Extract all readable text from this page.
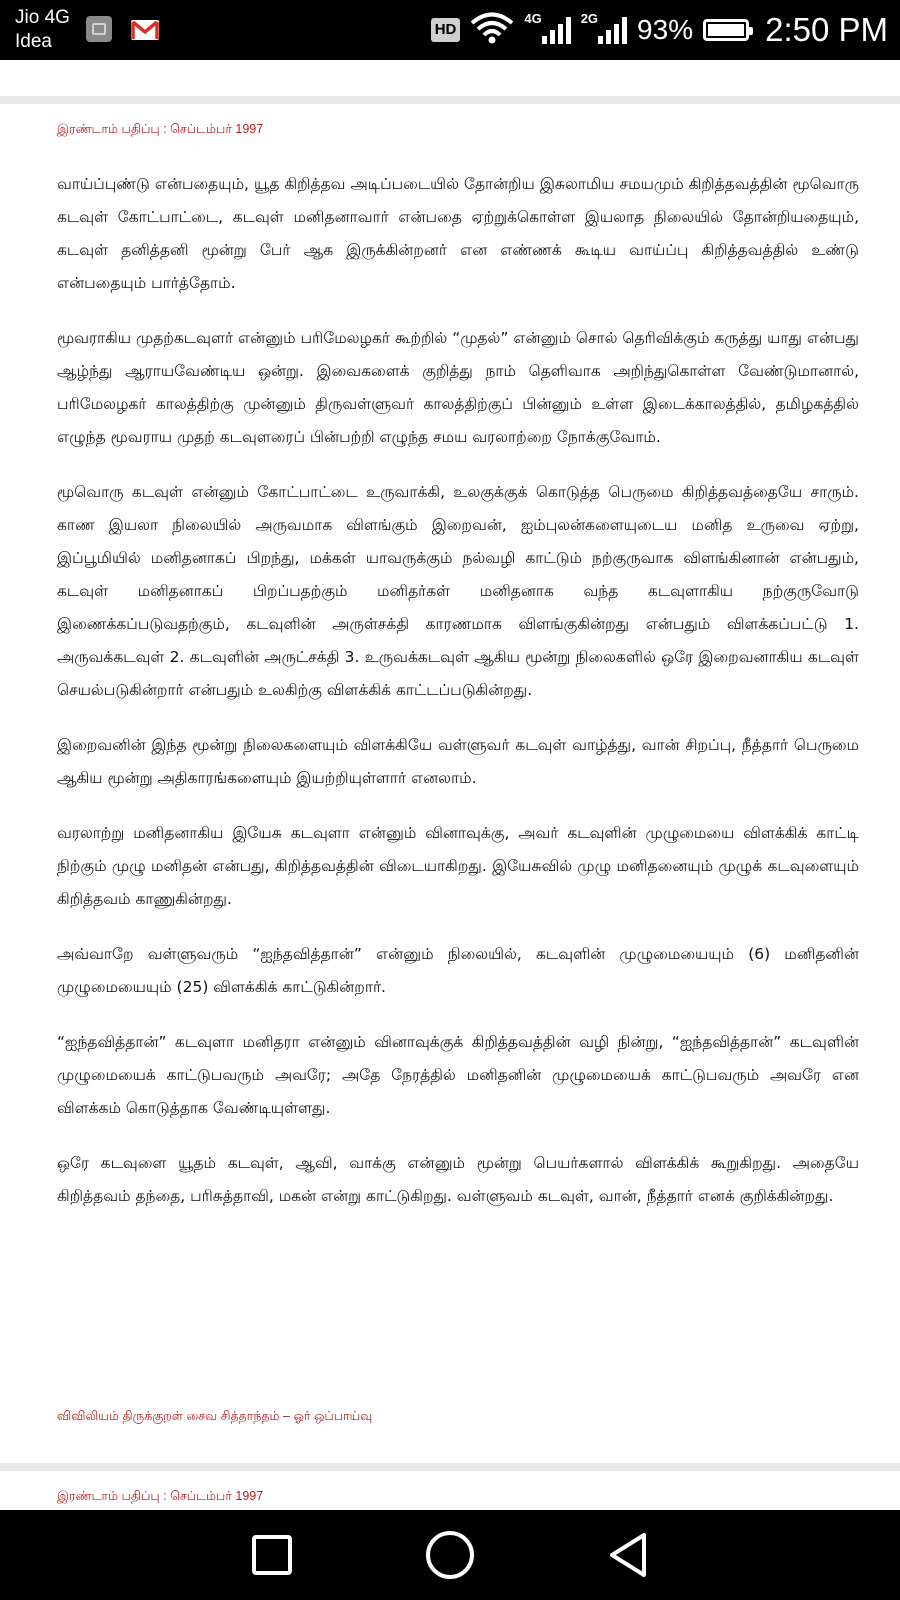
Jio 4G
Idea
HD
4G	2G 93% 2:50 PM
இரண்டாம் பதிப்பு : செப்டம்பர் 1997

வாய்ப்புண்டு என்பதையும், யூத கிறித்தவ அடிப்படையில் தோன்றிய இசுலாமிய சமயமும் கிறித்தவத்தின் மூவொரு கடவுள் கோட்பாட்டை, கடவுள் மனிதனாவார் என்பதை ஏற்றுக்கொள்ள இயலாத நிலையில் தோன்றியதையும், கடவுள் தனித்தனி மூன்று பேர் ஆக இருக்கின்றனர் என எண்ணக் கூடிய வாய்ப்பு கிறித்தவத்தில் உண்டு என்பதையும் பார்த்தோம்.

மூவராகிய முதற்கடவுளர் என்னும் பரிமேலழகர் கூற்றில் “முதல்” என்னும் சொல் தெரிவிக்கும் கருத்து யாது என்பது ஆழ்ந்து ஆராயவேண்டிய ஒன்று. இவைகளைக் குறித்து நாம் தெளிவாக அறிந்துகொள்ள வேண்டுமானால், பரிமேலழகர் காலத்திற்கு முன்னும் திருவள்ளுவர் காலத்திற்குப் பின்னும் உள்ள இடைக்காலத்தில், தமிழகத்தில் எழுந்த மூவராய முதற் கடவுளரைப் பின்பற்றி எழுந்த சமய வரலாற்றை நோக்குவோம்.

மூவொரு கடவுள் என்னும் கோட்பாட்டை உருவாக்கி, உலகுக்குக் கொடுத்த பெருமை கிறித்தவத்தையே சாரும். காண இயலா நிலையில் அருவமாக விளங்கும் இறைவன், ஐம்புலன்களையுடைய மனித உருவை ஏற்று, இப்பூமியில் மனிதனாகப் பிறந்து, மக்கள் யாவருக்கும் நல்வழி காட்டும் நற்குருவாக விளங்கினான் என்பதும், கடவுள் மனிதனாகப் பிறப்பதற்கும் மனிதர்கள் மனிதனாக வந்த கடவுளாகிய நற்குருவோடு இணைக்கப்படுவதற்கும், கடவுளின் அருள்சக்தி காரணமாக விளங்குகின்றது என்பதும் விளக்கப்பட்டு 1. அருவக்கடவுள் 2. கடவுளின் அருட்சக்தி 3. உருவக்கடவுள் ஆகிய மூன்று நிலைகளில் ஒரே இறைவனாகிய கடவுள் செயல்படுகின்றார் என்பதும் உலகிற்கு விளக்கிக் காட்டப்படுகின்றது.

இறைவனின் இந்த மூன்று நிலைகளையும் விளக்கியே வள்ளுவர் கடவுள் வாழ்த்து, வான் சிறப்பு, நீத்தார் பெருமை ஆகிய மூன்று அதிகாரங்களையும் இயற்றியுள்ளார் எனலாம்.

வரலாற்று மனிதனாகிய இயேசு கடவுளா என்னும் வினாவுக்கு, அவர் கடவுளின் முழுமையை விளக்கிக் காட்டி நிற்கும் முழு மனிதன் என்பது, கிறித்தவத்தின் விடையாகிறது. இயேசுவில் முழு மனிதனையும் முழுக் கடவுளையும் கிறித்தவம் காணுகின்றது.

அவ்வாறே வள்ளுவரும் “ஐந்தவித்தான்” என்னும் நிலையில், கடவுளின் முழுமையையும் (6) மனிதனின் முழுமையையும் (25) விளக்கிக் காட்டுகின்றார்.

“ஐந்தவித்தான்” கடவுளா மனிதரா என்னும் வினாவுக்குக் கிறித்தவத்தின் வழி நின்று, “ஐந்தவித்தான்” கடவுளின் முழுமையைக் காட்டுபவரும் அவரே; அதே நேரத்தில் மனிதனின் முழுமையைக் காட்டுபவரும் அவரே என விளக்கம் கொடுத்தாக வேண்டியுள்ளது.

ஒரே கடவுளை யூதம் கடவுள், ஆவி, வாக்கு என்னும் மூன்று பெயர்களால் விளக்கிக் கூறுகிறது. அதையே கிறித்தவம் தந்தை, பரிசுத்தாவி, மகன் என்று காட்டுகிறது. வள்ளுவம் கடவுள், வான், நீத்தார் எனக் குறிக்கின்றது.

விவிலியம் திருக்குறள் சைவ சித்தாந்தம் – ஓர் ஒப்பாய்வு
இரண்டாம் பதிப்பு : செப்டம்பர் 1997
